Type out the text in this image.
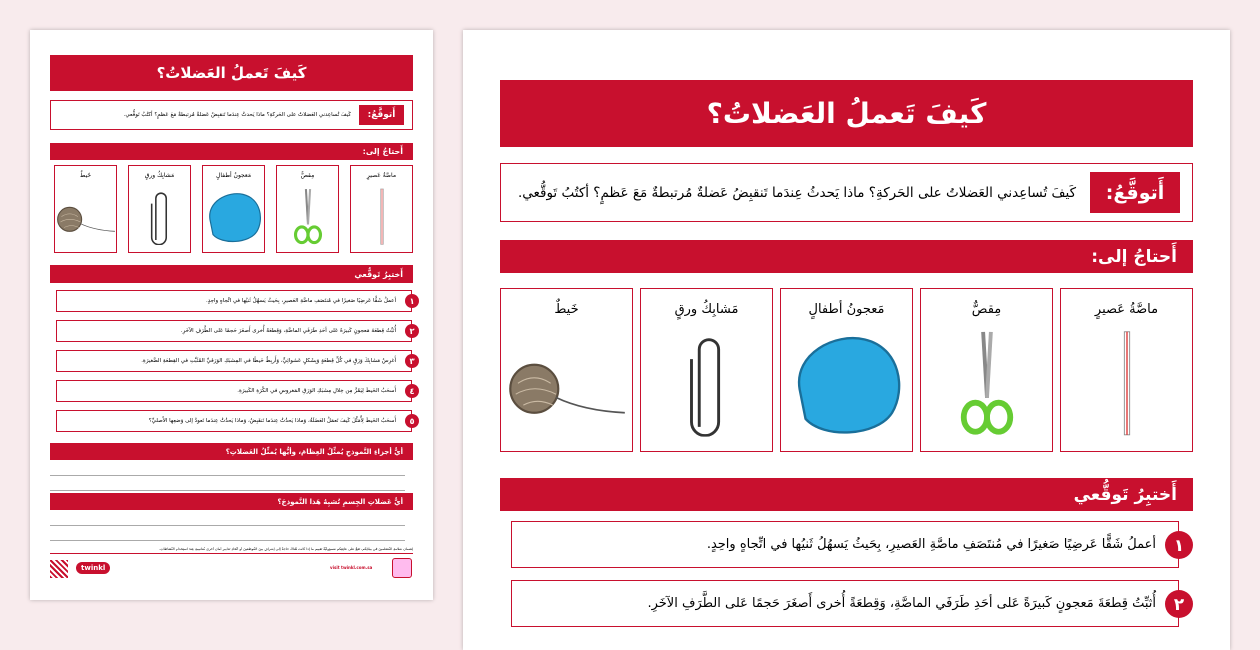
كَيفَ تَعملُ العَضلاتُ؟
أَتوقَّعُ:
كَيفَ تُساعِدني العَضلاتُ على الحَركةِ؟ ماذا يَحدثُ عِندَما تَنقبِضُ عَضلةٌ مُرتبطةٌ مَعَ عَظمٍ؟ أكتُبُ تَوقُّعي.
أَحتاجُ إلى:
ماصَّةُ عَصيرٍ
مِقصٌّ
مَعجونُ أطفالٍ
مَشابِكُ ورقٍ
خَيطٌ
أَختبِرُ تَوقُّعي
أعملُ شَقًّا عَرضِيًا صَغيرًا في مُنتَصَفِ ماصَّةِ العَصيرِ، بِحَيثُ يَسهُلُ ثَنيُها في اتِّجاهٍ واحِدٍ.	١
أُثبِّتُ قِطعَةَ مَعجونٍ كَبيرَةً عَلى أحَدِ طَرَفَي الماصَّةِ، وَقِطعَةً أُخرى أَصغَرَ حَجمًا عَلى الطَّرَفِ الآخَرِ.	٢
أَغرِسُ مَشابِكَ وَرَقٍ في كُلِّ قِطعَةٍ وَبِشَكلٍ عَشوائِيٍّ، وَأَربِطُ خَيطًا في المِشبَكِ الوَرَقيِّ المُثَبَّتِ في القِطعَةِ الصَّغيرَةِ.	٣
أَسحَبُ الخَيطَ لِيَمُرَّ مِن خِلالِ مِشبَكِ الوَرَقِ المَغروسِ في الكُرَةِ الكَبيرَةِ.	٤
أَسحَبُ الخَيطَ لِأُمَثِّلَ كَيفَ تَعمَلُ العَضَلَةُ، وَماذا يَحدُثُ عِندَما تَنقَبِضُ، وَماذا يَحدُثُ عِندَما تَعودُ إلى وَضعِها الأَصليِّ؟	٥
أيُّ أجزاءِ النَّموذجِ يُمثِّلُ العِظامَ، وأيُّها يُمثِّلُ العَضلاتِ؟
أيُّ عَضلاتِ الجِسمِ تُشبِهُ هَذا النَّموذجَ؟
لِضمانِ سَلامةِ المُتعلِّمينَ في بيئاتِكم، تَقعُ على عاتِقِكم مَسؤوليّةُ تَقييمِ ما إذا كانت هُناكَ حاجةٌ إلى إشرافٍ مِنَ المُوظَّفينَ أو اتّخاذِ تَدابيرِ أمانٍ أُخرى مُناسِبةٍ عِندَ استِخدامِ النَّشاطاتِ.
twinkl	visit twinkl.com.sa
كَيفَ تَعملُ العَضلاتُ؟
أَتوقَّعُ:
كَيفَ تُساعِدني العَضلاتُ على الحَركةِ؟ ماذا يَحدثُ عِندَما تَنقبِضُ عَضلةٌ مُرتبطةٌ مَعَ عَظمٍ؟ أكتُبُ تَوقُّعي.
أَحتاجُ إلى:
ماصَّةُ عَصيرٍ
مِقصٌّ
مَعجونُ أطفالٍ
مَشابِكُ ورقٍ
خَيطٌ
أَختبِرُ تَوقُّعي
أعملُ شَقًّا عَرضِيًا صَغيرًا في مُنتَصَفِ ماصَّةِ العَصيرِ، بِحَيثُ يَسهُلُ ثَنيُها في اتِّجاهٍ واحِدٍ.	١
أُثبِّتُ قِطعَةَ مَعجونٍ كَبيرَةً عَلى أحَدِ طَرَفَي الماصَّةِ، وَقِطعَةً أُخرى أَصغَرَ حَجمًا عَلى الطَّرَفِ الآخَرِ.	٢
